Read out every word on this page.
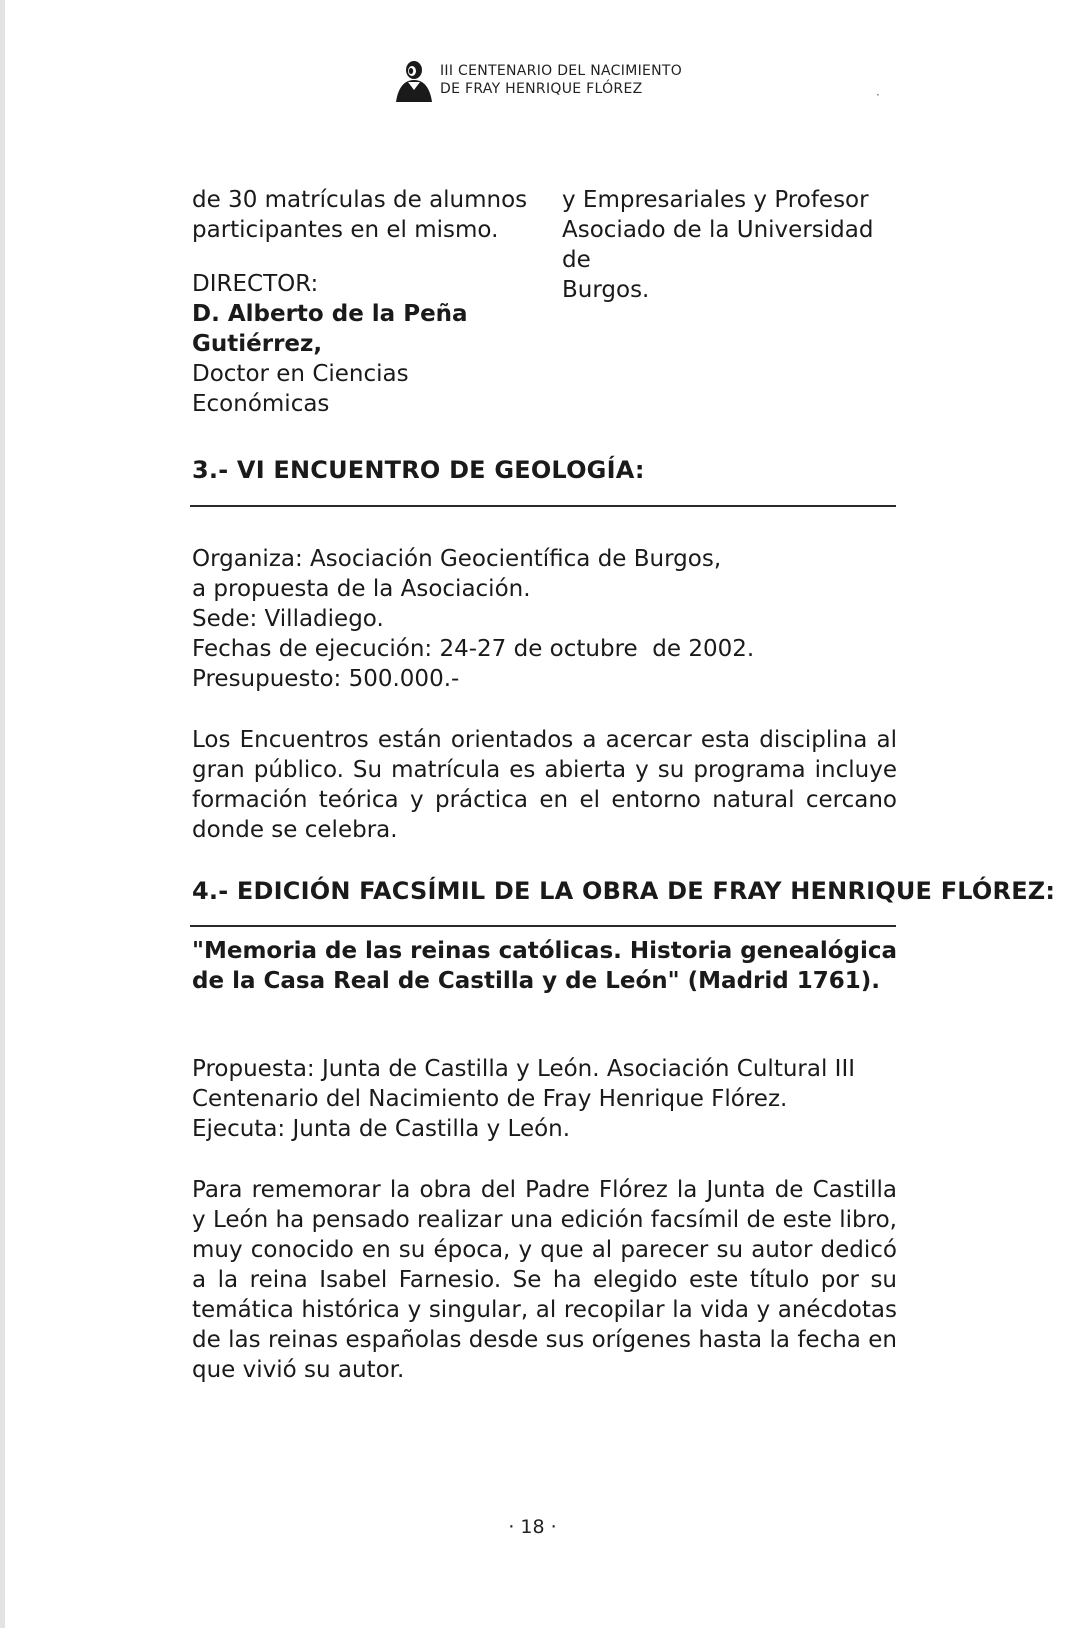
III CENTENARIO DEL NACIMIENTO
DE FRAY HENRIQUE FLÓREZ	·

de 30 matrículas de alumnos

participantes en el mismo.

DIRECTOR:

D. Alberto de la Peña Gutiérrez,

Doctor en Ciencias Económicas

y Empresariales y Profesor

Asociado de la Universidad de

Burgos.

3.- VI ENCUENTRO DE GEOLOGÍA:

Organiza: Asociación Geocientífica de Burgos,

a propuesta de la Asociación.

Sede: Villadiego.

Fechas de ejecución: 24-27 de octubre  de 2002.

Presupuesto: 500.000.-

Los Encuentros están orientados a acercar esta disciplina al gran público. Su matrícula es abierta y su programa incluye formación teórica y práctica en el entorno natural cercano donde se celebra.
4.- EDICIÓN FACSÍMIL DE LA OBRA DE FRAY HENRIQUE FLÓREZ:
"Memoria de las reinas católicas. Historia genealógica de la Casa Real de Castilla y de León" (Madrid 1761).

Propuesta: Junta de Castilla y León. Asociación Cultural III Centenario del Nacimiento de Fray Henrique Flórez.

Ejecuta: Junta de Castilla y León.

Para rememorar la obra del Padre Flórez la Junta de Castilla y León ha pensado realizar una edición facsímil de este libro, muy conocido en su época, y que al parecer su autor dedicó a la reina Isabel Farnesio. Se ha elegido este título por su temática histórica y singular, al recopilar la vida y anécdotas de las reinas españolas desde sus orígenes hasta la fecha en que vivió su autor.
· 18 ·
